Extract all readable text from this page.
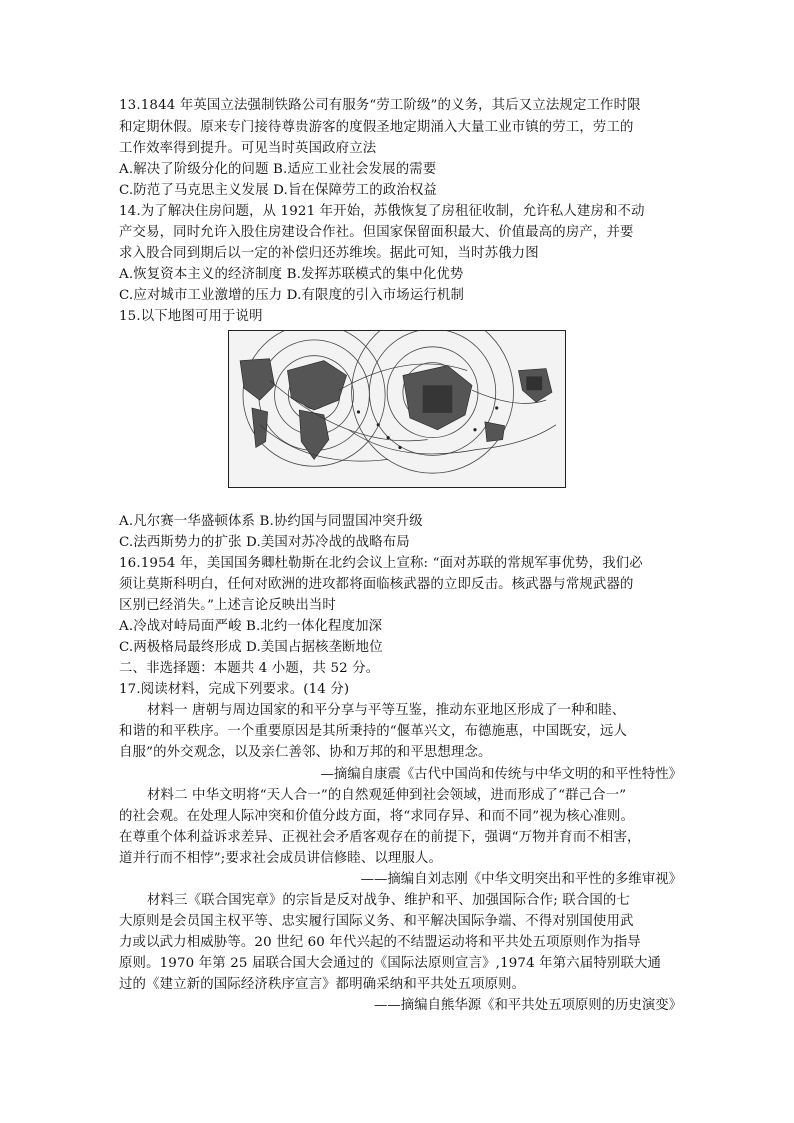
13.1844 年英国立法强制铁路公司有服务“劳工阶级”的义务，其后又立法规定工作时限
和定期休假。原来专门接待尊贵游客的度假圣地定期涌入大量工业市镇的劳工，劳工的
工作效率得到提升。可见当时英国政府立法
A.解决了阶级分化的问题 B.适应工业社会发展的需要
C.防范了马克思主义发展 D.旨在保障劳工的政治权益
14.为了解决住房问题，从 1921 年开始，苏俄恢复了房租征收制，允许私人建房和不动
产交易，同时允许入股住房建设合作社。但国家保留面积最大、价值最高的房产，并要
求入股合同到期后以一定的补偿归还苏维埃。据此可知，当时苏俄力图
A.恢复资本主义的经济制度 B.发挥苏联模式的集中化优势
C.应对城市工业激增的压力 D.有限度的引入市场运行机制
15.以下地图可用于说明
A.凡尔赛一华盛顿体系 B.协约国与同盟国冲突升级
C.法西斯势力的扩张 D.美国对苏冷战的战略布局
16.1954 年，美国国务卿杜勒斯在北约会议上宣称: “面对苏联的常规军事优势，我们必
须让莫斯科明白，任何对欧洲的进攻都将面临核武器的立即反击。核武器与常规武器的
区别已经消失。”上述言论反映出当时
A.冷战对峙局面严峻 B.北约一体化程度加深
C.两极格局最终形成 D.美国占据核垄断地位
二、非选择题：本题共 4 小题，共 52 分。
17.阅读材料，完成下列要求。(14 分)
材料一 唐朝与周边国家的和平分享与平等互鉴，推动东亚地区形成了一种和睦、
和谐的和平秩序。一个重要原因是其所秉持的“偃革兴文，布德施惠，中国既安，远人
自服”的外交观念，以及亲仁善邻、协和万邦的和平思想理念。
—摘编自康震《古代中国尚和传统与中华文明的和平性特性》
材料二 中华文明将“天人合一”的自然观延伸到社会领域，进而形成了“群己合一”
的社会观。在处理人际冲突和价值分歧方面，将“求同存异、和而不同”视为核心准则。
在尊重个体利益诉求差异、正视社会矛盾客观存在的前提下，强调“万物并育而不相害，
道并行而不相悖”;要求社会成员讲信修睦、以理服人。
——摘编自刘志刚《中华文明突出和平性的多维审视》
材料三《联合国宪章》的宗旨是反对战争、维护和平、加强国际合作; 联合国的七
大原则是会员国主权平等、忠实履行国际义务、和平解决国际争端、不得对别国使用武
力或以武力相威胁等。20 世纪 60 年代兴起的不结盟运动将和平共处五项原则作为指导
原则。1970 年第 25 届联合国大会通过的《国际法原则宣言》,1974 年第六届特别联大通
过的《建立新的国际经济秩序宣言》都明确采纳和平共处五项原则。
——摘编自熊华源《和平共处五项原则的历史演变》
